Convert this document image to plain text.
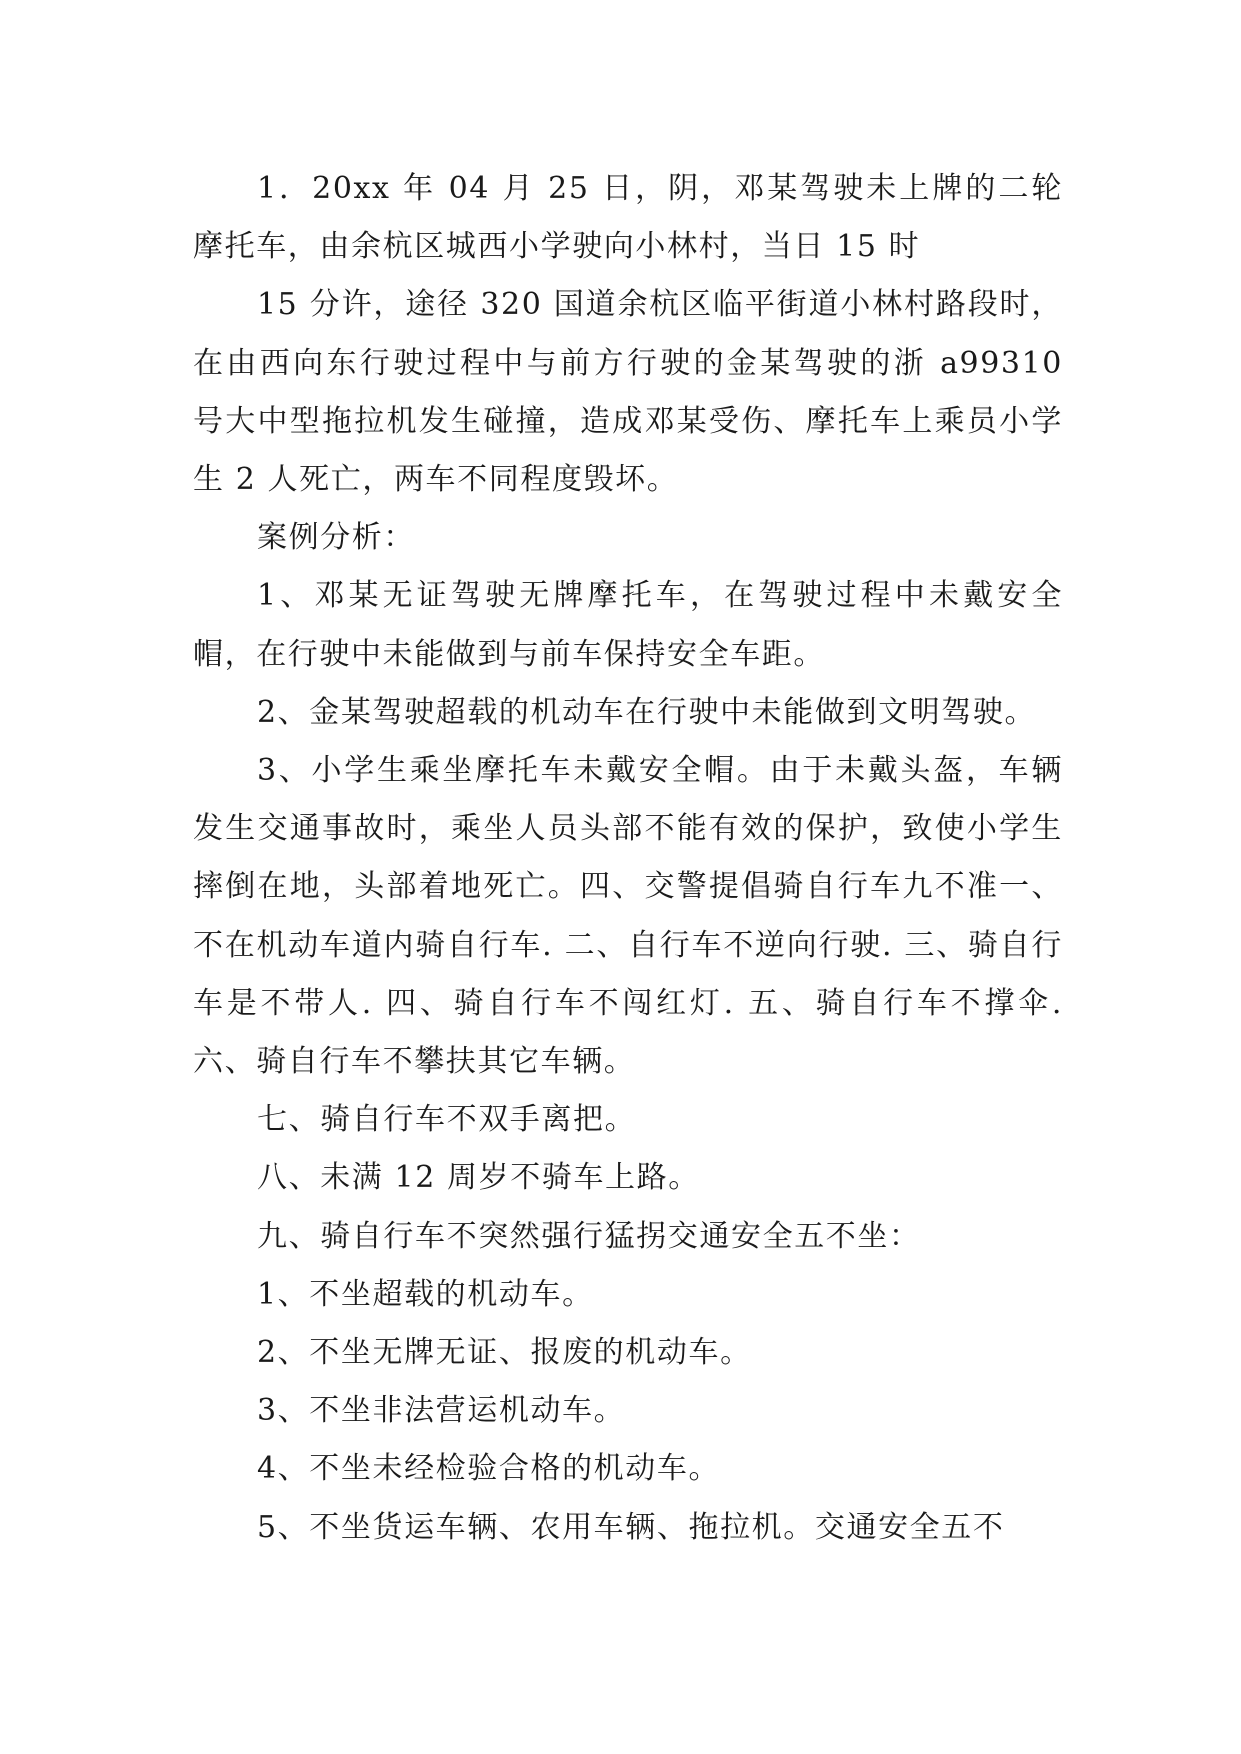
1．20xx 年 04 月 25 日，阴，邓某驾驶未上牌的二轮摩托车，由余杭区城西小学驶向小林村，当日 15 时

15 分许，途径 320 国道余杭区临平街道小林村路段时，在由西向东行驶过程中与前方行驶的金某驾驶的浙 a99310 号大中型拖拉机发生碰撞，造成邓某受伤、摩托车上乘员小学生 2 人死亡，两车不同程度毁坏。

案例分析：

1、邓某无证驾驶无牌摩托车，在驾驶过程中未戴安全帽，在行驶中未能做到与前车保持安全车距。

2、金某驾驶超载的机动车在行驶中未能做到文明驾驶。

3、小学生乘坐摩托车未戴安全帽。由于未戴头盔，车辆发生交通事故时，乘坐人员头部不能有效的保护，致使小学生摔倒在地，头部着地死亡。四、交警提倡骑自行车九不准一、不在机动车道内骑自行车. 二、自行车不逆向行驶. 三、骑自行车是不带人. 四、骑自行车不闯红灯. 五、骑自行车不撑伞. 六、骑自行车不攀扶其它车辆。

七、骑自行车不双手离把。

八、未满 12 周岁不骑车上路。

九、骑自行车不突然强行猛拐交通安全五不坐：

1、不坐超载的机动车。

2、不坐无牌无证、报废的机动车。

3、不坐非法营运机动车。

4、不坐未经检验合格的机动车。

5、不坐货运车辆、农用车辆、拖拉机。交通安全五不
